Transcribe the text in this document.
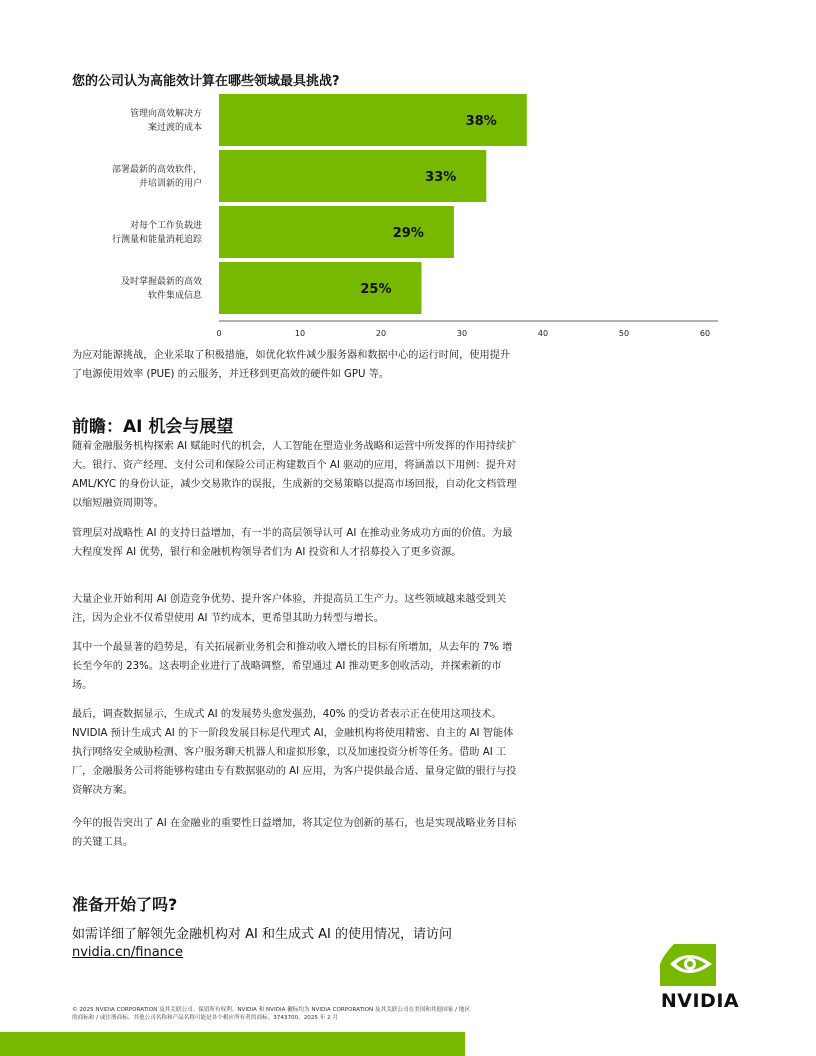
您的公司认为高能效计算在哪些领域最具挑战?
38%
管理向高效解决方
案过渡的成本
33%
部署最新的高效软件，
并培训新的用户
29%
对每个工作负载进
行测量和能量消耗追踪
25%
及时掌握最新的高效
软件集成信息
0	10	20	30	40	50	60

为应对能源挑战，企业采取了积极措施，如优化软件减少服务器和数据中心的运行时间，使用提升了电源使用效率 (PUE) 的云服务，并迁移到更高效的硬件如 GPU 等。

前瞻：AI 机会与展望

随着金融服务机构探索 AI 赋能时代的机会，人工智能在塑造业务战略和运营中所发挥的作用持续扩大。银行、资产经理、支付公司和保险公司正构建数百个 AI 驱动的应用，将涵盖以下用例：提升对 AML/KYC 的身份认证，减少交易欺诈的误报，生成新的交易策略以提高市场回报，自动化文档管理以缩短融资周期等。

管理层对战略性 AI 的支持日益增加，有一半的高层领导认可 AI 在推动业务成功方面的价值。为最大程度发挥 AI 优势，银行和金融机构领导者们为 AI 投资和人才招募投入了更多资源。

大量企业开始利用 AI 创造竞争优势、提升客户体验，并提高员工生产力。这些领域越来越受到关注，因为企业不仅希望使用 AI 节约成本，更希望其助力转型与增长。

其中一个最显著的趋势是，有关拓展新业务机会和推动收入增长的目标有所增加，从去年的 7% 增长至今年的 23%。这表明企业进行了战略调整，希望通过 AI 推动更多创收活动，并探索新的市场。

最后，调查数据显示，生成式 AI 的发展势头愈发强劲，40% 的受访者表示正在使用这项技术。NVIDIA 预计生成式 AI 的下一阶段发展目标是代理式 AI，金融机构将使用精密、自主的 AI 智能体执行网络安全威胁检测、客户服务聊天机器人和虚拟形象，以及加速投资分析等任务。借助 AI 工厂，金融服务公司将能够构建由专有数据驱动的 AI 应用，为客户提供最合适、量身定做的银行与投资解决方案。

今年的报告突出了 AI 在金融业的重要性日益增加，将其定位为创新的基石，也是实现战略业务目标的关键工具。

准备开始了吗?

如需详细了解领先金融机构对 AI 和生成式 AI 的使用情况，请访问 nvidia.cn/finance

© 2025 NVIDIA CORPORATION 及其关联公司。保留所有权利。NVIDIA 和 NVIDIA 徽标均为 NVIDIA CORPORATION 及其关联公司在美国和其他国家 / 地区的商标和 / 或注册商标。其他公司名称和产品名称可能是各个相应所有者的商标。3743700。2025 年 2 月

NVIDIA
